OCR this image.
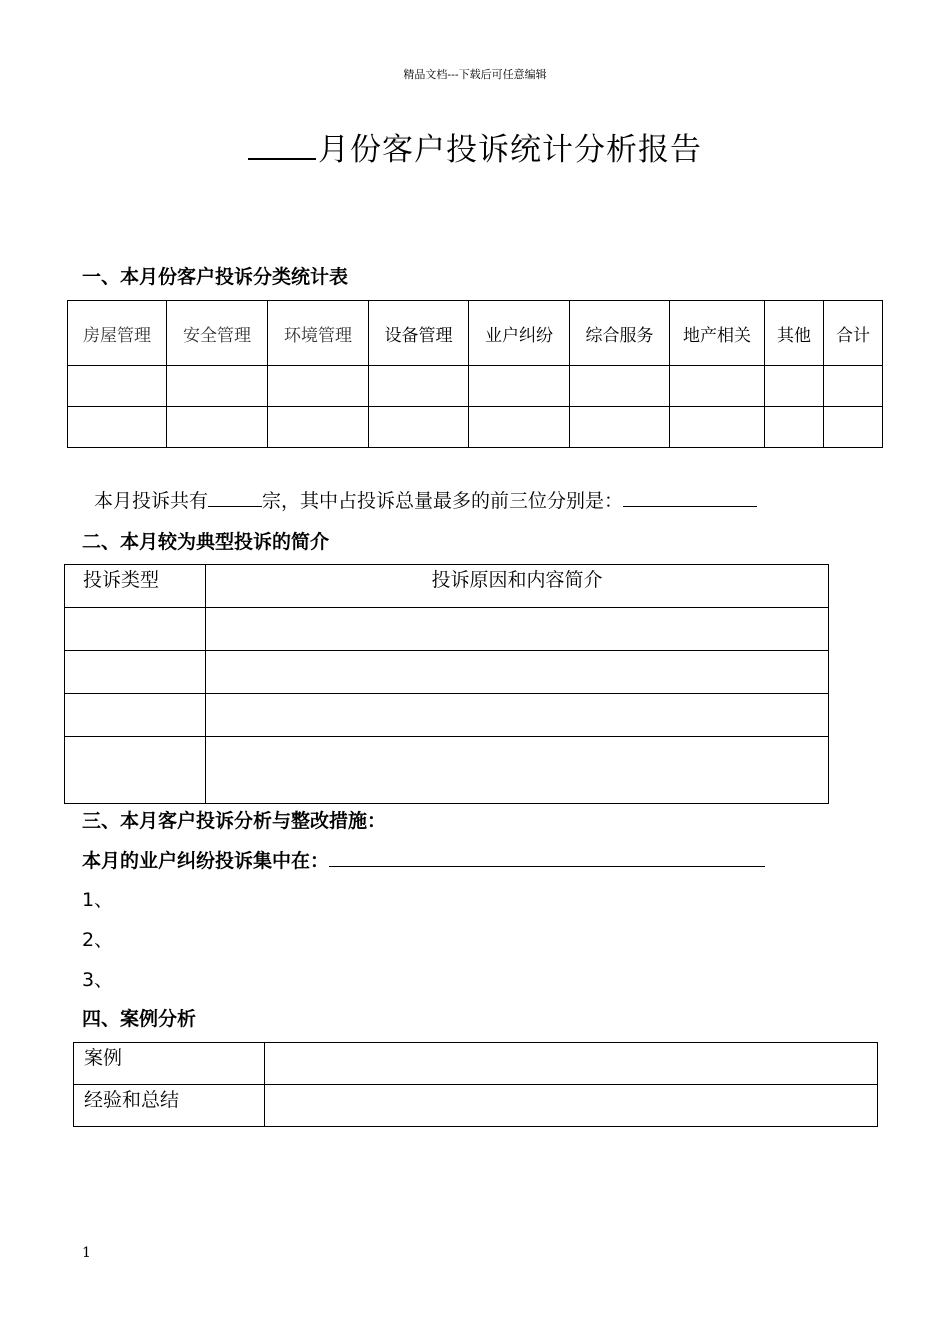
精品文档---下载后可任意编辑
月份客户投诉统计分析报告
一、本月份客户投诉分类统计表
房屋管理	安全管理	环境管理	设备管理	业户纠纷	综合服务	地产相关	其他	合计

本月投诉共有	宗，其中占投诉总量最多的前三位分别是：
二、本月较为典型投诉的简介
投诉类型	投诉原因和内容简介

三、本月客户投诉分析与整改措施：
本月的业户纠纷投诉集中在：
1、
2、
3、
四、案例分析
案例	
经验和总结	
1
